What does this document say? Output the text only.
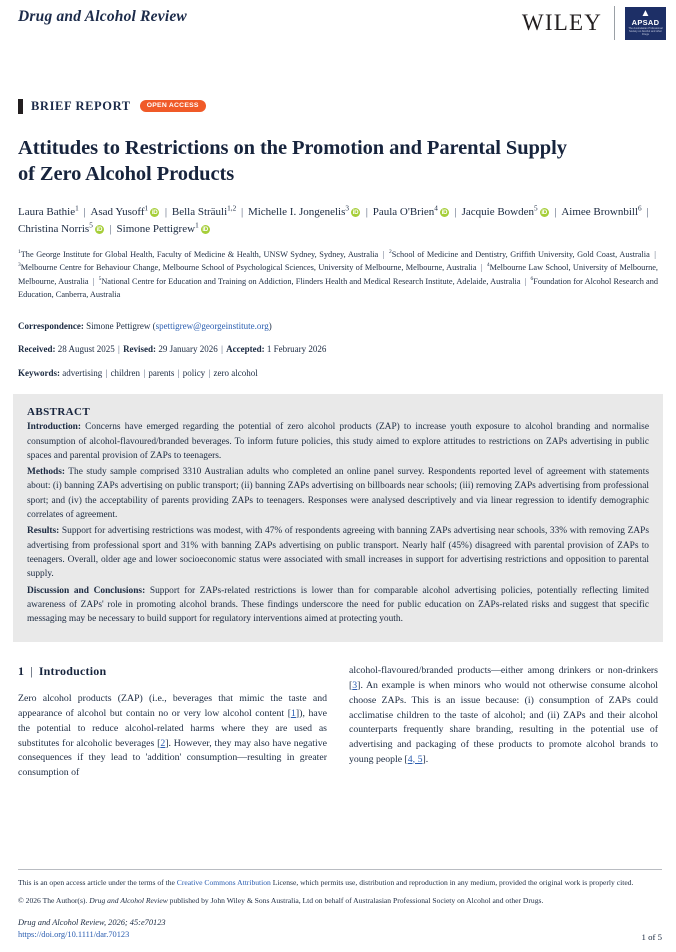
Drug and Alcohol Review	WILEY	▲
APSAD
The Australasian Professional Society on Alcohol and other Drugs
BRIEF REPORT	OPEN ACCESS
Attitudes to Restrictions on the Promotion and Parental Supply of Zero Alcohol Products
Laura Bathie$^1$ | Asad Yusoff$^1$iD | Bella Sträuli$^{1,2}$ | Michelle I. Jongenelis$^3$iD | Paula O'Brien$^4$iD | Jacquie Bowden$^5$iD | Aimee Brownbill$^6$ | Christina Norris$^5$iD | Simone Pettigrew$^1$iD
$^1$The George Institute for Global Health, Faculty of Medicine & Health, UNSW Sydney, Sydney, Australia | $^2$School of Medicine and Dentistry, Griffith University, Gold Coast, Australia | $^3$Melbourne Centre for Behaviour Change, Melbourne School of Psychological Sciences, University of Melbourne, Melbourne, Australia | $^4$Melbourne Law School, University of Melbourne, Melbourne, Australia | $^5$National Centre for Education and Training on Addiction, Flinders Health and Medical Research Institute, Adelaide, Australia | $^6$Foundation for Alcohol Research and Education, Canberra, Australia
Correspondence: Simone Pettigrew (spettigrew@georgeinstitute.org)
Received: 28 August 2025 | Revised: 29 January 2026 | Accepted: 1 February 2026
Keywords: advertising | children | parents | policy | zero alcohol
ABSTRACT

Introduction: Concerns have emerged regarding the potential of zero alcohol products (ZAP) to increase youth exposure to alcohol branding and normalise consumption of alcohol-flavoured/branded beverages. To inform future policies, this study aimed to explore attitudes to restrictions on ZAPs advertising in public spaces and parental provision of ZAPs to teenagers.

Methods: The study sample comprised 3310 Australian adults who completed an online panel survey. Respondents reported level of agreement with statements about: (i) banning ZAPs advertising on public transport; (ii) banning ZAPs advertising on billboards near schools; (iii) removing ZAPs advertising from professional sport; and (iv) the acceptability of parents providing ZAPs to teenagers. Responses were analysed descriptively and via linear regression to identify demographic correlates of agreement.

Results: Support for advertising restrictions was modest, with 47% of respondents agreeing with banning ZAPs advertising near schools, 33% with removing ZAPs advertising from professional sport and 31% with banning ZAPs advertising on public transport. Nearly half (45%) disagreed with parental provision of ZAPs to teenagers. Overall, older age and lower socioeconomic status were associated with small increases in support for advertising restrictions and opposition to parental supply.

Discussion and Conclusions: Support for ZAPs-related restrictions is lower than for comparable alcohol advertising policies, potentially reflecting limited awareness of ZAPs' role in promoting alcohol brands. These findings underscore the need for public education on ZAPs-related risks and suggest that specific messaging may be necessary to build support for regulatory interventions aimed at protecting youth.

1 | Introduction

Zero alcohol products (ZAP) (i.e., beverages that mimic the taste and appearance of alcohol but contain no or very low alcohol content [1]), have the potential to reduce alcohol-related harms where they are used as substitutes for alcoholic beverages [2]. However, they may also have negative consequences if they lead to 'addition' consumption—resulting in greater consumption of

alcohol-flavoured/branded products—either among drinkers or non-drinkers [3]. An example is when minors who would not otherwise consume alcohol choose ZAPs. This is an issue because: (i) consumption of ZAPs could acclimatise children to the taste of alcohol; and (ii) ZAPs and their alcohol counterparts frequently share branding, resulting in the potential use of advertising and packaging of these products to promote alcohol brands to young people [4, 5].

This is an open access article under the terms of the Creative Commons Attribution License, which permits use, distribution and reproduction in any medium, provided the original work is properly cited.

© 2026 The Author(s). Drug and Alcohol Review published by John Wiley & Sons Australia, Ltd on behalf of Australasian Professional Society on Alcohol and other Drugs.

Drug and Alcohol Review, 2026; 45:e70123
https://doi.org/10.1111/dar.70123	1 of 5
